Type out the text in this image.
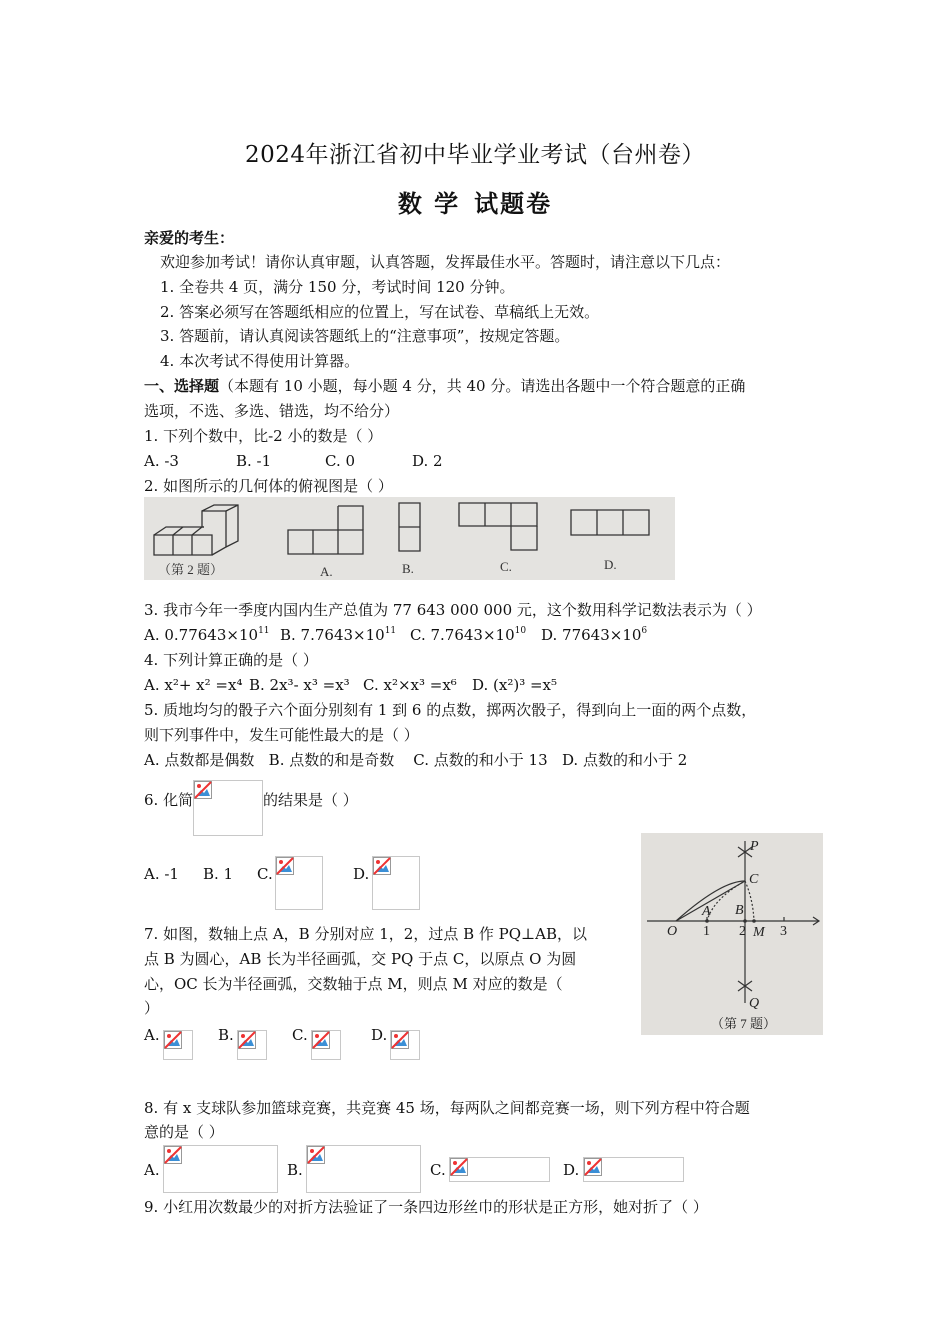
2024年浙江省初中毕业学业考试（台州卷）
数 学 试题卷
亲爱的考生：
欢迎参加考试！请你认真审题，认真答题，发挥最佳水平。答题时，请注意以下几点：
1. 全卷共 4 页，满分 150 分，考试时间 120 分钟。
2. 答案必须写在答题纸相应的位置上，写在试卷、草稿纸上无效。
3. 答题前，请认真阅读答题纸上的“注意事项”，按规定答题。
4. 本次考试不得使用计算器。
一、选择题（本题有 10 小题，每小题 4 分，共 40 分。请选出各题中一个符合题意的正确
选项，不选、多选、错选，均不给分）
1. 下列个数中，比-2 小的数是（ ）
A. -3	B. -1	C. 0	D. 2
2. 如图所示的几何体的俯视图是（ ）
（第 2 题）	A.	B.	C.	D.
3. 我市今年一季度内国内生产总值为 77 643 000 000 元，这个数用科学记数法表示为（ ）
A. $0.77643\times 10^{11}$ B. $7.7643\times 10^{11}$ C. $7.7643\times 10^{10}$ D. $77643\times 10^6$
4. 下列计算正确的是（ ）
A. x²+ x² =x⁴ B. 2x³- x³ =x³ C. x²×x³ =x⁶ D. (x²)³ =x⁵
5. 质地均匀的骰子六个面分别刻有 1 到 6 的点数，掷两次骰子，得到向上一面的两个点数，
则下列事件中，发生可能性最大的是（ ）
A. 点数都是偶数   B. 点数的和是奇数    C. 点数的和小于 13   D. 点数的和小于 2
6. 化简	的结果是（ ）
A. -1 B. 1 C.	D.
P
C
A B
O	M
Q
1 2 3
（第 7 题）
7. 如图，数轴上点 A，B 分别对应 1，2，过点 B 作 PQ⊥AB，以
点 B 为圆心，AB 长为半径画弧，交 PQ 于点 C，以原点 O 为圆
心，OC 长为半径画弧，交数轴于点 M，则点 M 对应的数是（
）
A.	B.	C.	D.
8. 有 x 支球队参加篮球竞赛，共竞赛 45 场，每两队之间都竞赛一场，则下列方程中符合题
意的是（ ）
A.	B.	C.	D.
9. 小红用次数最少的对折方法验证了一条四边形丝巾的形状是正方形，她对折了（ ）
